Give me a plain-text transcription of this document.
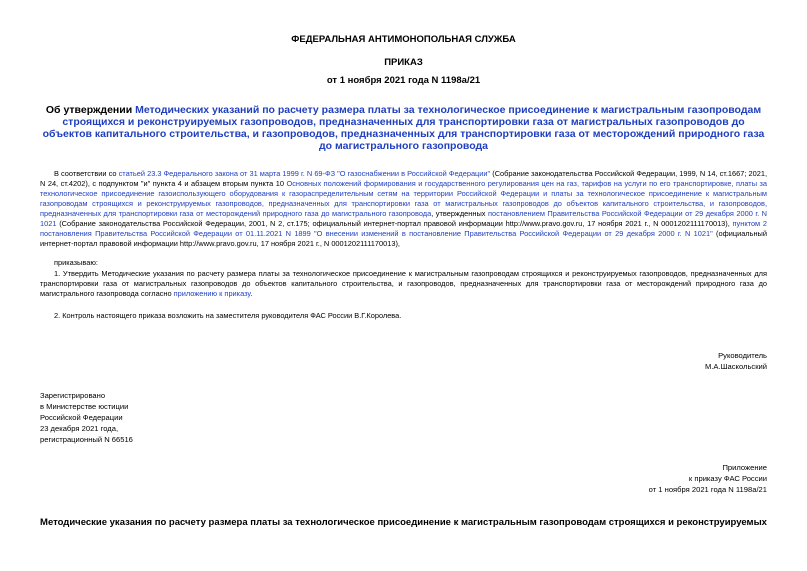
ФЕДЕРАЛЬНАЯ АНТИМОНОПОЛЬНАЯ СЛУЖБА
ПРИКАЗ
от 1 ноября 2021 года N 1198а/21
Об утверждении Методических указаний по расчету размера платы за технологическое присоединение к магистральным газопроводам строящихся и реконструируемых газопроводов, предназначенных для транспортировки газа от магистральных газопроводов до объектов капитального строительства, и газопроводов, предназначенных для транспортировки газа от месторождений природного газа до магистрального газопровода

В соответствии со статьей 23.3 Федерального закона от 31 марта 1999 г. N 69-ФЗ "О газоснабжении в Российской Федерации" (Собрание законодательства Российской Федерации, 1999, N 14, ст.1667; 2021, N 24, ст.4202), с подпунктом "и" пункта 4 и абзацем вторым пункта 10 Основных положений формирования и государственного регулирования цен на газ, тарифов на услуги по его транспортировке, платы за технологическое присоединение газоиспользующего оборудования к газораспределительным сетям на территории Российской Федерации и платы за технологическое присоединение к магистральным газопроводам строящихся и реконструируемых газопроводов, предназначенных для транспортировки газа от магистральных газопроводов до объектов капитального строительства, и газопроводов, предназначенных для транспортировки газа от месторождений природного газа до магистрального газопровода, утвержденных постановлением Правительства Российской Федерации от 29 декабря 2000 г. N 1021 (Собрание законодательства Российской Федерации, 2001, N 2, ст.175; официальный интернет-портал правовой информации http://www.pravo.gov.ru, 17 ноября 2021 г., N 0001202111170013), пунктом 2 постановления Правительства Российской Федерации от 01.11.2021 N 1899 "О внесении изменений в постановление Правительства Российской Федерации от 29 декабря 2000 г. N 1021" (официальный интернет-портал правовой информации http://www.pravo.gov.ru, 17 ноября 2021 г., N 0001202111170013),

приказываю:

1. Утвердить Методические указания по расчету размера платы за технологическое присоединение к магистральным газопроводам строящихся и реконструируемых газопроводов, предназначенных для транспортировки газа от магистральных газопроводов до объектов капитального строительства, и газопроводов, предназначенных для транспортировки газа от месторождений природного газа до магистрального газопровода согласно приложению к приказу.

2. Контроль настоящего приказа возложить на заместителя руководителя ФАС России В.Г.Королева.

Руководитель
М.А.Шаскольский
Зарегистрировано
в Министерстве юстиции
Российской Федерации
23 декабря 2021 года,
регистрационный N 66516
Приложение
к приказу ФАС России
от 1 ноября 2021 года N 1198а/21
Методические указания по расчету размера платы за технологическое присоединение к магистральным газопроводам строящихся и реконструируемых
